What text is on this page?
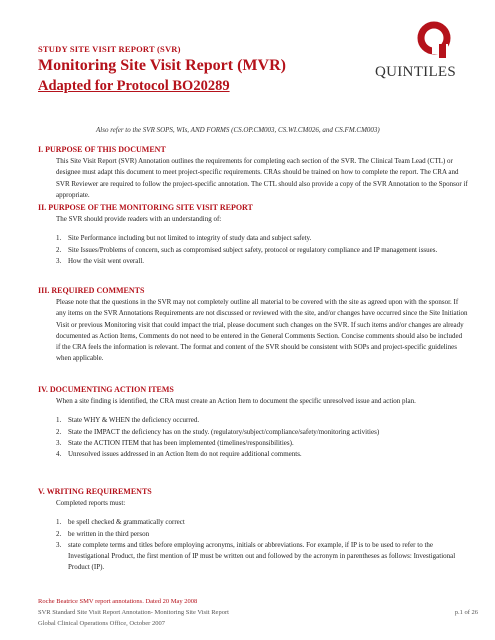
STUDY SITE VISIT REPORT (SVR)
Monitoring Site Visit Report (MVR)
Adapted for Protocol BO20289
QUINTILES
Also refer to the SVR SOPS, WIs, AND FORMS (CS.OP.CM003, CS.WI.CM026, and CS.FM.CM003)
I. PURPOSE OF THIS DOCUMENT
This Site Visit Report (SVR) Annotation outlines the requirements for completing each section of the SVR. The Clinical Team Lead (CTL) or designee must adapt this document to meet project-specific requirements. CRAs should be trained on how to complete the report. The CRA and SVR Reviewer are required to follow the project-specific annotation. The CTL should also provide a copy of the SVR Annotation to the Sponsor if appropriate.
II. PURPOSE OF THE MONITORING SITE VISIT REPORT
The SVR should provide readers with an understanding of:
1. Site Performance including but not limited to integrity of study data and subject safety.
2. Site Issues/Problems of concern, such as compromised subject safety, protocol or regulatory compliance and IP management issues.
3. How the visit went overall.
III. REQUIRED COMMENTS
Please note that the questions in the SVR may not completely outline all material to be covered with the site as agreed upon with the sponsor. If any items on the SVR Annotations Requirements are not discussed or reviewed with the site, and/or changes have occurred since the Site Initiation Visit or previous Monitoring visit that could impact the trial, please document such changes on the SVR. If such items and/or changes are already documented as Action Items, Comments do not need to be entered in the General Comments Section. Concise comments should also be included if the CRA feels the information is relevant. The format and content of the SVR should be consistent with SOPs and project-specific guidelines when applicable.
IV. DOCUMENTING ACTION ITEMS
When a site finding is identified, the CRA must create an Action Item to document the specific unresolved issue and action plan.
1. State WHY & WHEN the deficiency occurred.
2. State the IMPACT the deficiency has on the study. (regulatory/subject/compliance/safety/monitoring activities)
3. State the ACTION ITEM that has been implemented (timelines/responsibilities).
4. Unresolved issues addressed in an Action Item do not require additional comments.
V. WRITING REQUIREMENTS
Completed reports must:
1. be spell checked & grammatically correct
2. be written in the third person
3. state complete terms and titles before employing acronyms, initials or abbreviations. For example, if IP is to be used to refer to the Investigational Product, the first mention of IP must be written out and followed by the acronym in parentheses as follows: Investigational Product (IP).
Roche Beatrice SMV report annotations. Dated 20 May 2008
SVR Standard Site Visit Report Annotation- Monitoring Site Visit Report	p.1 of 26
Global Clinical Operations Office, October 2007
